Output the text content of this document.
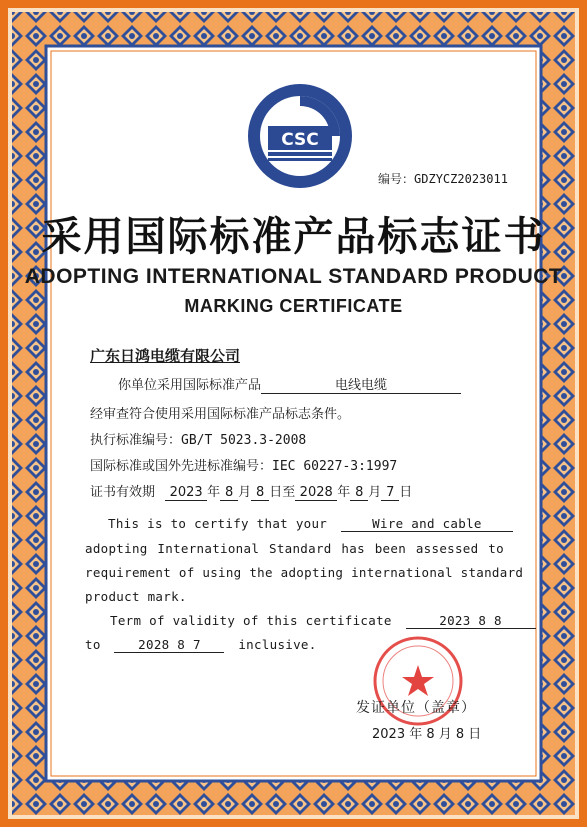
CSC
编号：GDZYCZ2023011
采用国际标准产品标志证书
ADOPTING INTERNATIONAL STANDARD PRODUCT
MARKING CERTIFICATE
广东日鸿电缆有限公司
你单位采用国际标准产品	电线电缆
经审查符合使用采用国际标准产品标志条件。
执行标准编号：GB/T 5023.3-2008
国际标准或国外先进标准编号：IEC 60227-3:1997
证书有效期 2023 年 8 月 8 日至 2028 年 8 月 7 日
This is to certify that your	Wire and cable
adopting International Standard has been assessed to
requirement of using the adopting international standard
product mark.
Term of validity of this certificate	2023 8 8
to	2028 8 7	inclusive.
发证单位（盖章）
2023 年 8 月 8 日
